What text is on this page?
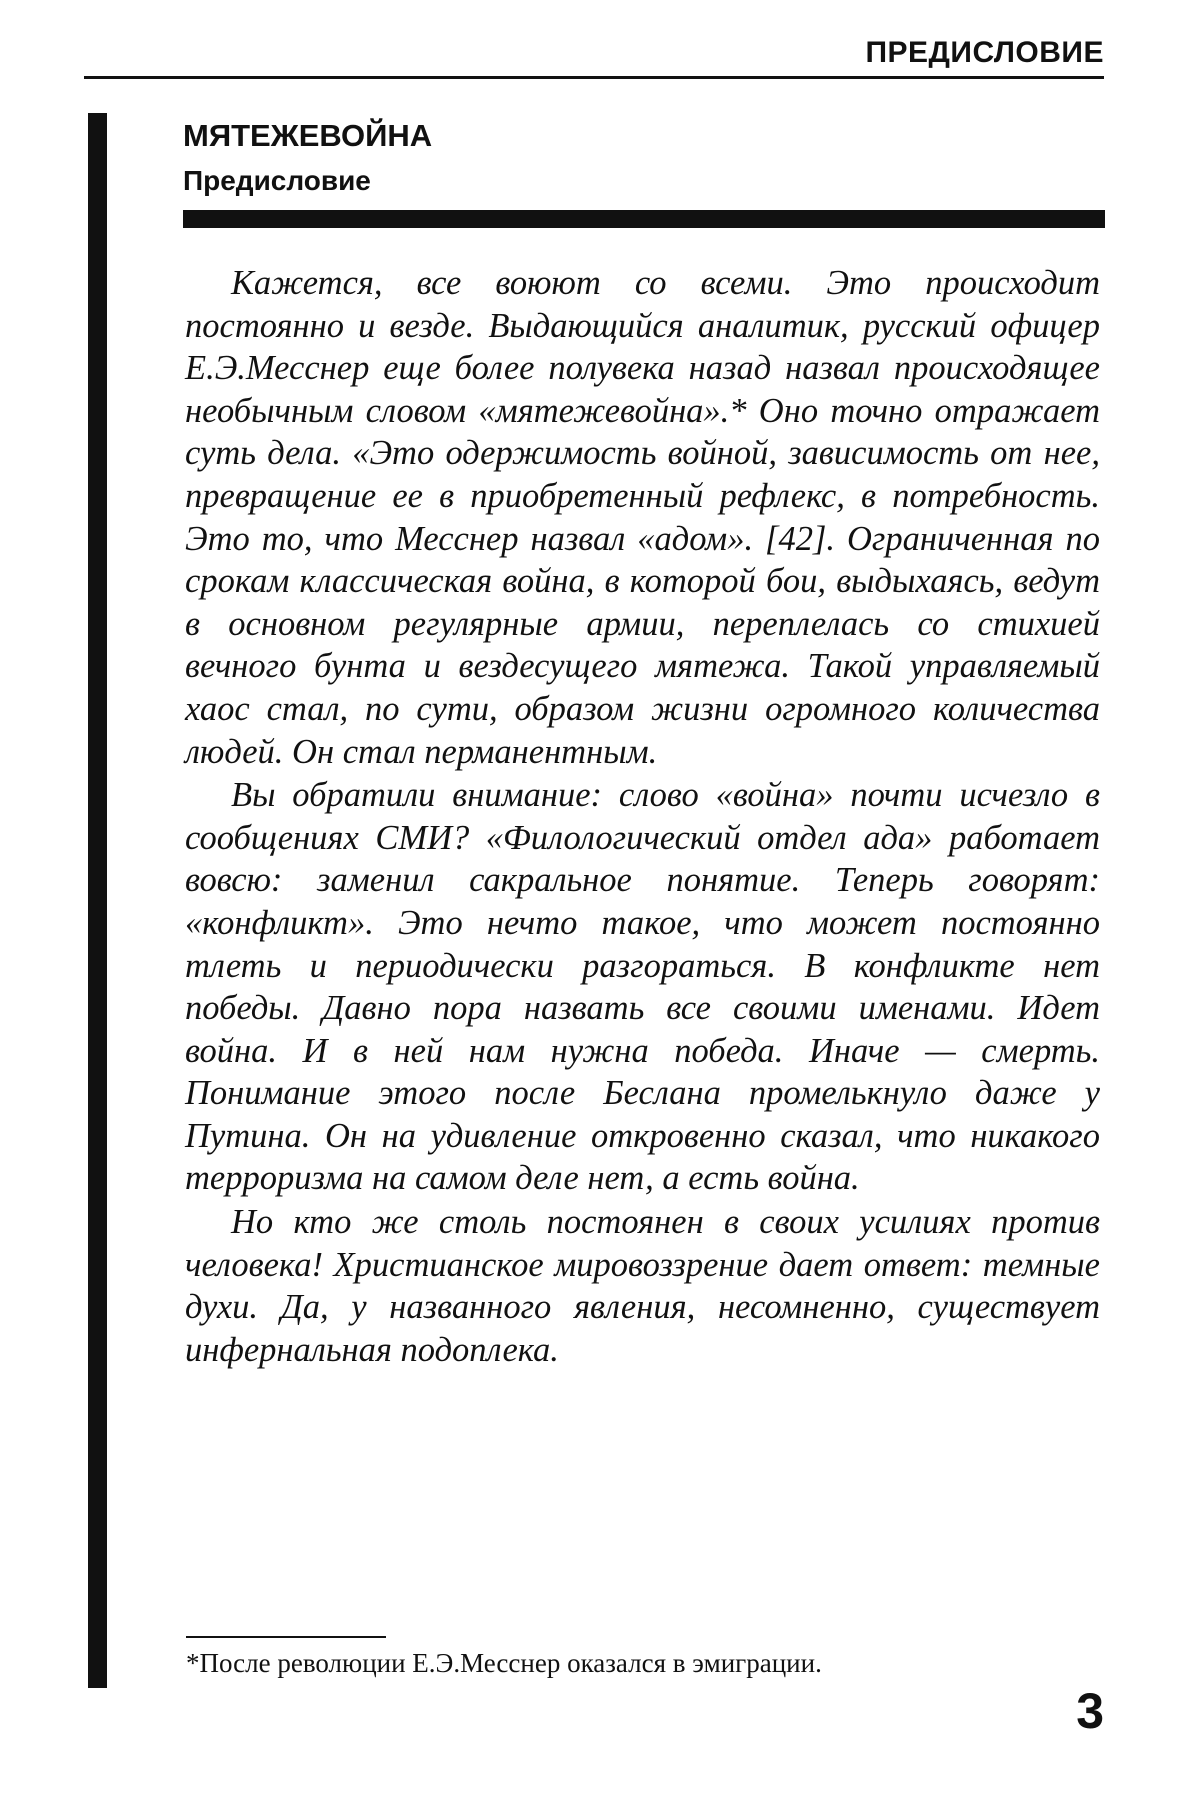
ПРЕДИСЛОВИЕ
МЯТЕЖЕВОЙНА
Предисловие

Кажется, все воюют со всеми. Это происходит постоянно и везде. Выдающийся аналитик, русский офицер Е.Э.Месснер еще более полувека назад назвал происходящее необычным словом «мятежевойна».* Оно точно отражает суть дела. «Это одержимость войной, зависимость от нее, превращение ее в приобретенный рефлекс, в потребность. Это то, что Месснер назвал «адом». [42]. Ограниченная по срокам классическая война, в которой бои, выдыхаясь, ведут в основном регулярные армии, переплелась со стихией вечного бунта и вездесущего мятежа. Такой управляемый хаос стал, по сути, образом жизни огромного количества людей. Он стал перманентным.

Вы обратили внимание: слово «война» почти исчезло в сообщениях СМИ? «Филологический отдел ада» работает вовсю: заменил сакральное понятие. Теперь говорят: «конфликт». Это нечто такое, что может постоянно тлеть и периодически разгораться. В конфликте нет победы. Давно пора назвать все своими именами. Идет война. И в ней нам нужна победа. Иначе — смерть. Понимание этого после Беслана промелькнуло даже у Путина. Он на удивление откровенно сказал, что никакого терроризма на самом деле нет, а есть война.

Но кто же столь постоянен в своих усилиях против человека! Христианское мировоззрение дает ответ: темные духи. Да, у названного явления, несомненно, существует инфернальная подоплека.

*После революции Е.Э.Месснер оказался в эмиграции.
3
